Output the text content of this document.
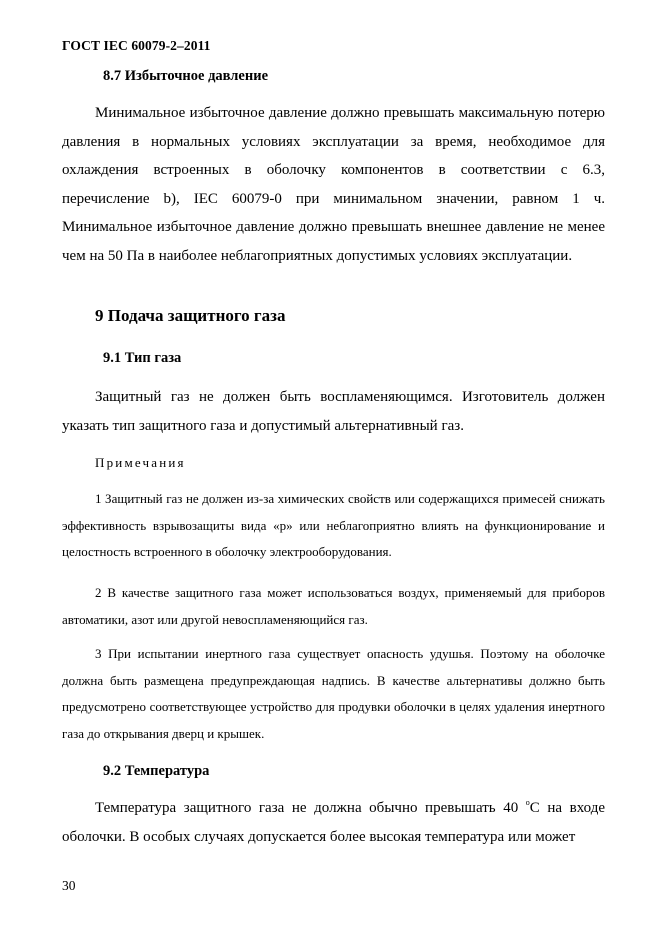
ГОСТ IEC 60079-2–2011
8.7 Избыточное давление

Минимальное избыточное давление должно превышать максимальную потерю давления в нормальных условиях эксплуатации за время, необходимое для охлаждения встроенных в оболочку компонентов в соответствии с 6.3, перечисление b), IEC 60079-0 при минимальном значении, равном 1 ч. Минимальное избыточное давление должно превышать внешнее давление не менее чем на 50 Па в наиболее неблагоприятных допустимых условиях эксплуатации.

9 Подача защитного газа
9.1 Тип газа

Защитный газ не должен быть воспламеняющимся. Изготовитель должен указать тип защитного газа и допустимый альтернативный газ.

Примечания

1 Защитный газ не должен из-за химических свойств или содержащихся примесей снижать эффективность взрывозащиты вида «p» или неблагоприятно влиять на функционирование и целостность встроенного в оболочку электрооборудования.

2 В качестве защитного газа может использоваться воздух, применяемый для приборов автоматики, азот или другой невоспламеняющийся газ.

3 При испытании инертного газа существует опасность удушья. Поэтому на оболочке должна быть размещена предупреждающая надпись. В качестве альтернативы должно быть предусмотрено соответствующее устройство для продувки оболочки в целях удаления инертного газа до открывания дверц и крышек.

9.2 Температура

Температура защитного газа не должна обычно превышать 40 $^о$С на входе оболочки. В особых случаях допускается более высокая температура или может

30
